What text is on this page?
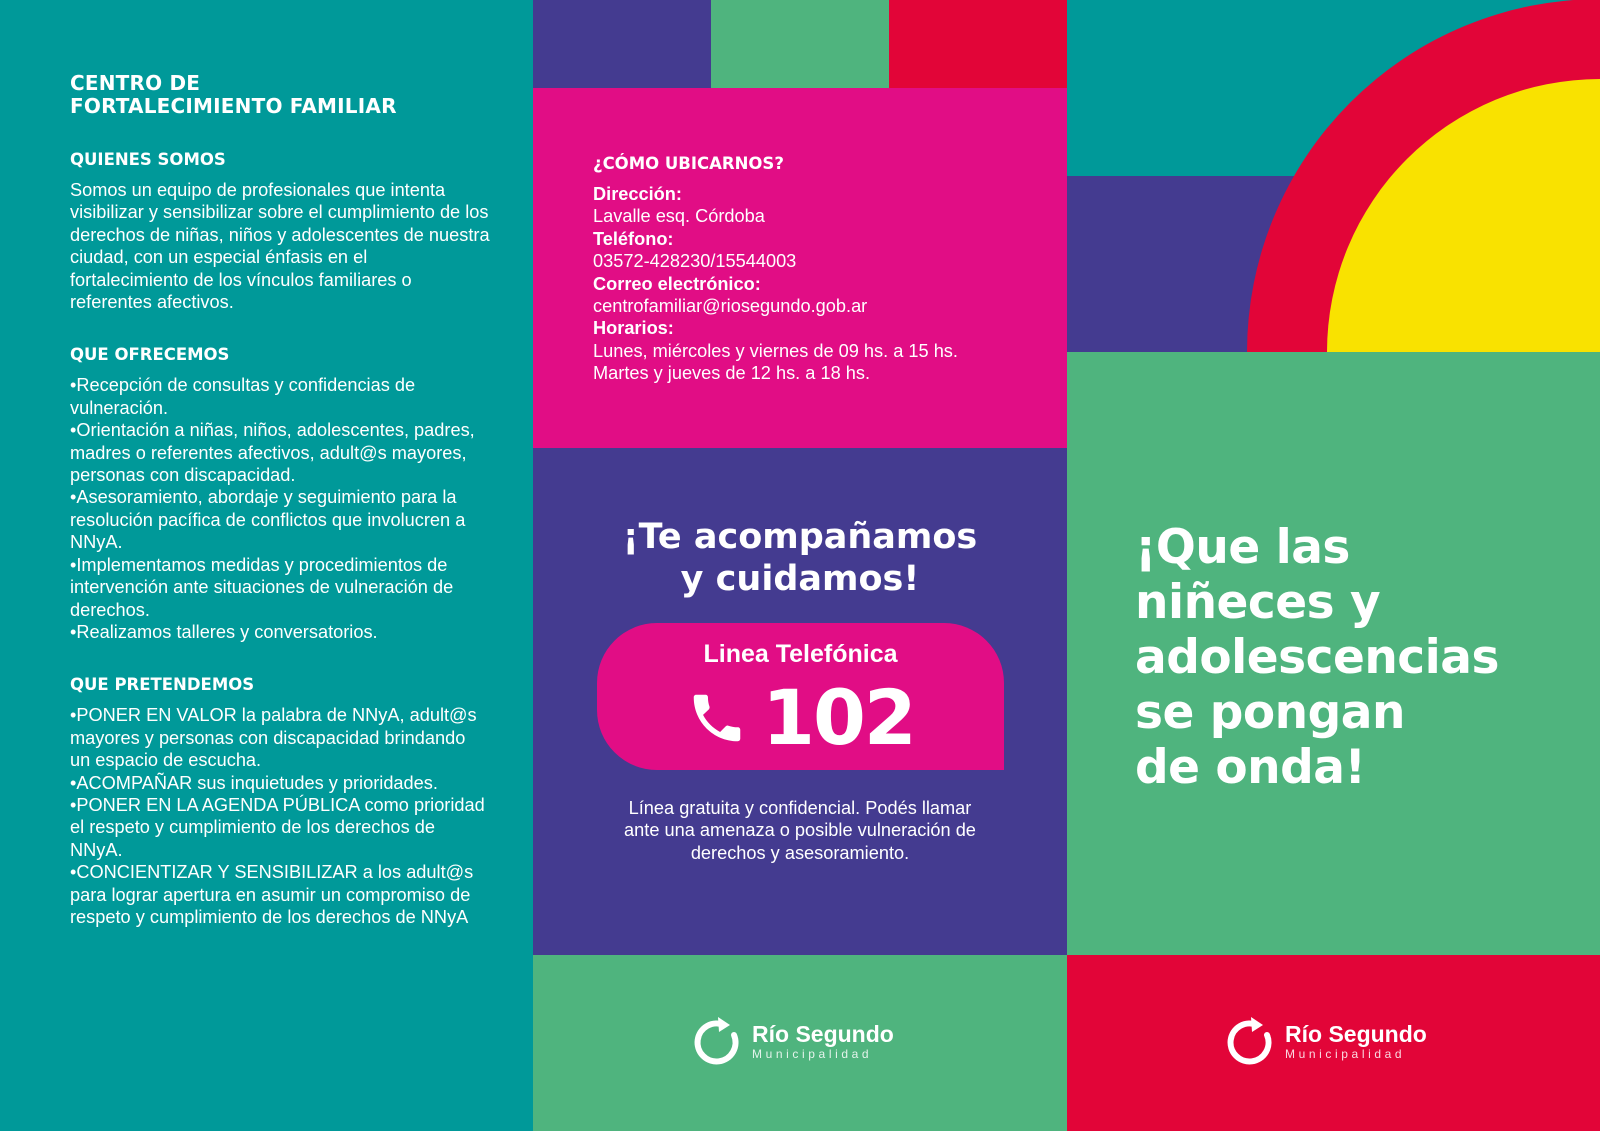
CENTRO DE
FORTALECIMIENTO FAMILIAR
QUIENES SOMOS

Somos un equipo de profesionales que intenta visibilizar y sensibilizar sobre el cumplimiento de los derechos de niñas, niños y adolescentes de nuestra ciudad, con un especial énfasis en el fortalecimiento de los vínculos familiares o referentes afectivos.

QUE OFRECEMOS
• Recepción de consultas y confidencias de vulneración.
• Orientación a niñas, niños, adolescentes, padres, madres o referentes afectivos, adult@s mayores, personas con discapacidad.
• Asesoramiento, abordaje y seguimiento para la resolución pacífica de conflictos que involucren a NNyA.
• Implementamos medidas y procedimientos de intervención ante situaciones de vulneración de derechos.
• Realizamos talleres y conversatorios.
QUE PRETENDEMOS
• PONER EN VALOR la palabra de NNyA, adult@s mayores y personas con discapacidad brindando un espacio de escucha.
• ACOMPAÑAR sus inquietudes y prioridades.
• PONER EN LA AGENDA PÚBLICA como prioridad el respeto y cumplimiento de los derechos de NNyA.
• CONCIENTIZAR Y SENSIBILIZAR a los adult@s para lograr apertura en asumir un compromiso de respeto y cumplimiento de los derechos de NNyA
¿CÓMO UBICARNOS?
Dirección:
Lavalle esq. Córdoba
Teléfono:
03572-428230/15544003
Correo electrónico:
centrofamiliar@riosegundo.gob.ar
Horarios:
Lunes, miércoles y viernes de 09 hs. a 15 hs.
Martes y jueves de 12 hs. a 18 hs.
¡Te acompañamos
y cuidamos!
Linea Telefónica
102
Línea gratuita y confidencial. Podés llamar ante una amenaza o posible vulneración de derechos y asesoramiento.
Río Segundo
Municipalidad
¡Que las
niñeces y
adolescencias
se pongan
de onda!
Río Segundo
Municipalidad
